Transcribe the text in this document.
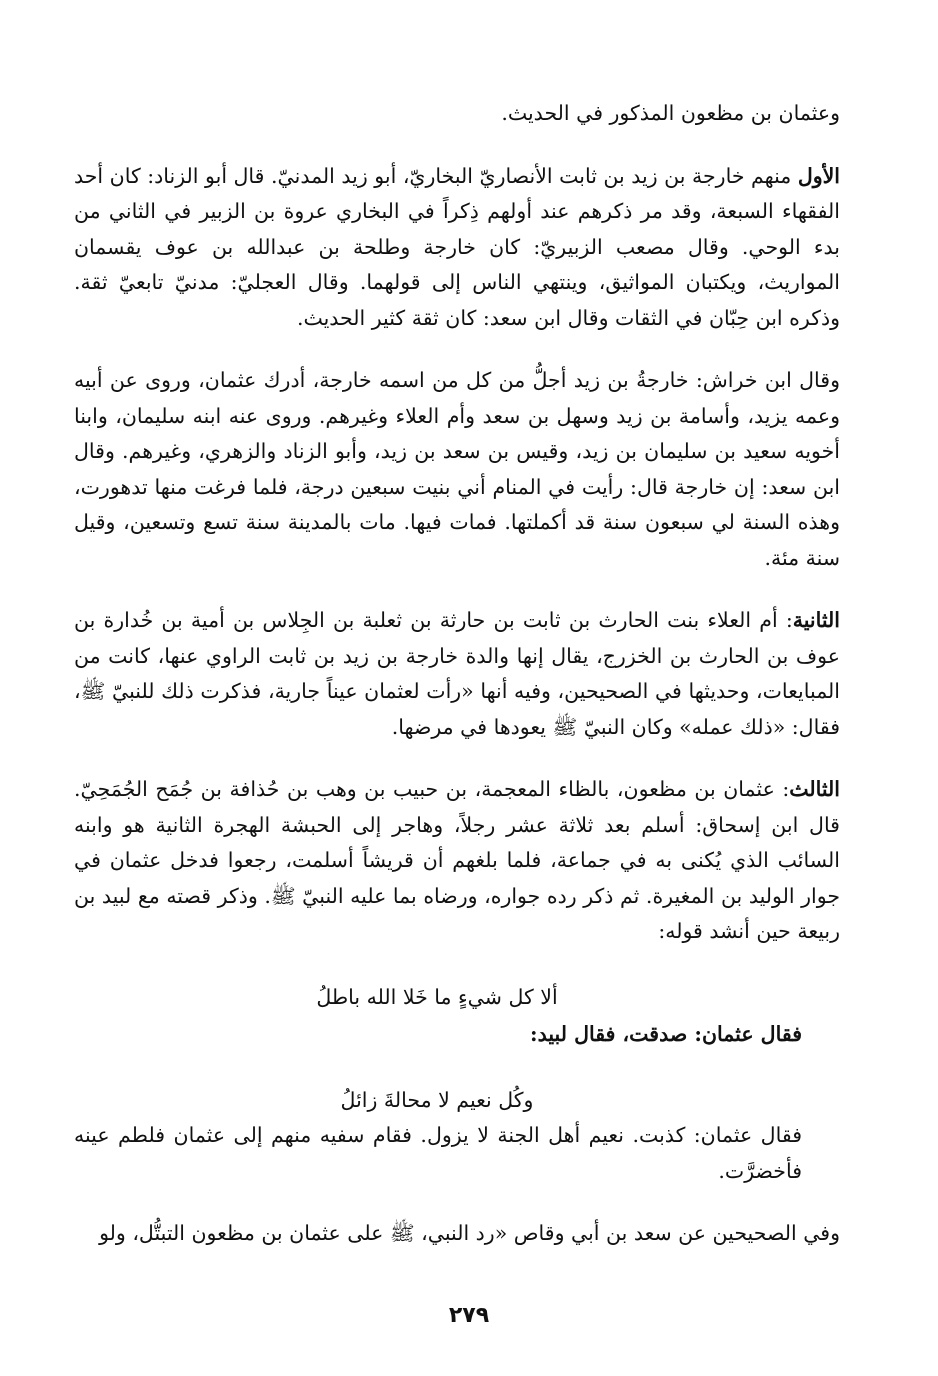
وعثمان بن مظعون المذكور في الحديث.

الأول منهم خارجة بن زيد بن ثابت الأنصاريّ البخاريّ، أبو زيد المدنيّ. قال أبو الزناد: كان أحد الفقهاء السبعة، وقد مر ذكرهم عند أولهم ذِكراً في البخاري عروة بن الزبير في الثاني من بدء الوحي. وقال مصعب الزبيريّ: كان خارجة وطلحة بن عبدالله بن عوف يقسمان المواريث، ويكتبان المواثيق، وينتهي الناس إلى قولهما. وقال العجليّ: مدنيّ تابعيّ ثقة. وذكره ابن حِبّان في الثقات وقال ابن سعد: كان ثقة كثير الحديث.

وقال ابن خراش: خارجةُ بن زيد أجلُّ من كل من اسمه خارجة، أدرك عثمان، وروى عن أبيه وعمه يزيد، وأسامة بن زيد وسهل بن سعد وأم العلاء وغيرهم. وروى عنه ابنه سليمان، وابنا أخويه سعيد بن سليمان بن زيد، وقيس بن سعد بن زيد، وأبو الزناد والزهري، وغيرهم. وقال ابن سعد: إن خارجة قال: رأيت في المنام أني بنيت سبعين درجة، فلما فرغت منها تدهورت، وهذه السنة لي سبعون سنة قد أكملتها. فمات فيها. مات بالمدينة سنة تسع وتسعين، وقيل سنة مئة.

الثانية: أم العلاء بنت الحارث بن ثابت بن حارثة بن ثعلبة بن الجِلاس بن أمية بن خُدارة بن عوف بن الحارث بن الخزرج، يقال إنها والدة خارجة بن زيد بن ثابت الراوي عنها، كانت من المبايعات، وحديثها في الصحيحين، وفيه أنها «رأت لعثمان عيناً جارية، فذكرت ذلك للنبيّ ﷺ، فقال: «ذلك عمله» وكان النبيّ ﷺ يعودها في مرضها.

الثالث: عثمان بن مظعون، بالظاء المعجمة، بن حبيب بن وهب بن حُذافة بن جُمَح الجُمَحِيّ. قال ابن إسحاق: أسلم بعد ثلاثة عشر رجلاً، وهاجر إلى الحبشة الهجرة الثانية هو وابنه السائب الذي يُكنى به في جماعة، فلما بلغهم أن قريشاً أسلمت، رجعوا فدخل عثمان في جوار الوليد بن المغيرة. ثم ذكر رده جواره، ورضاه بما عليه النبيّ ﷺ. وذكر قصته مع لبيد بن ربيعة حين أنشد قوله:

ألا كل شيءٍ ما خَلا الله باطلُ

فقال عثمان: صدقت، فقال لبيد:

وكُل نعيم لا محالةَ زائلُ

فقال عثمان: كذبت. نعيم أهل الجنة لا يزول. فقام سفيه منهم إلى عثمان فلطم عينه فأخضرَّت.

وفي الصحيحين عن سعد بن أبي وقاص «رد النبي، ﷺ على عثمان بن مظعون التبتُّل، ولو

٢٧٩
